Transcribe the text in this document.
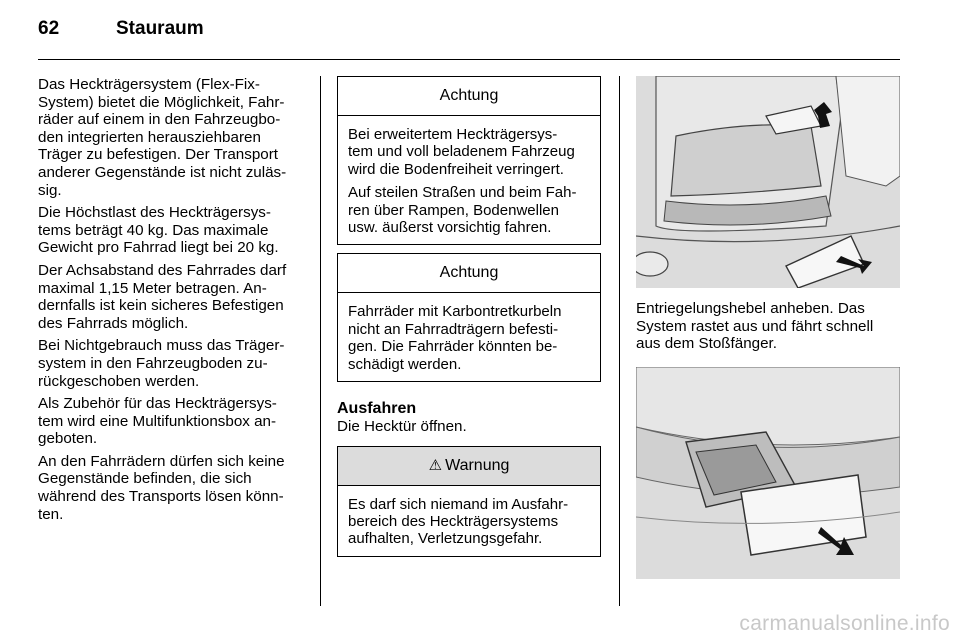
62	Stauraum

Das Heckträgersystem (Flex-Fix-
System) bietet die Möglichkeit, Fahr-
räder auf einem in den Fahrzeugbo-
den integrierten herausziehbaren
Träger zu befestigen. Der Transport
anderer Gegenstände ist nicht zuläs-
sig.

Die Höchstlast des Heckträgersys-
tems beträgt 40 kg. Das maximale
Gewicht pro Fahrrad liegt bei 20 kg.

Der Achsabstand des Fahrrades darf
maximal 1,15 Meter betragen. An-
dernfalls ist kein sicheres Befestigen
des Fahrrads möglich.

Bei Nichtgebrauch muss das Träger-
system in den Fahrzeugboden zu-
rückgeschoben werden.

Als Zubehör für das Heckträgersys-
tem wird eine Multifunktionsbox an-
geboten.

An den Fahrrädern dürfen sich keine
Gegenstände befinden, die sich
während des Transports lösen könn-
ten.

Achtung

Bei erweitertem Heckträgersys-
tem und voll beladenem Fahrzeug
wird die Bodenfreiheit verringert.

Auf steilen Straßen und beim Fah-
ren über Rampen, Bodenwellen
usw. äußerst vorsichtig fahren.

Achtung

Fahrräder mit Karbontretkurbeln
nicht an Fahrradträgern befesti-
gen. Die Fahrräder könnten be-
schädigt werden.

Ausfahren

Die Hecktür öffnen.

⚠ Warnung

Es darf sich niemand im Ausfahr-
bereich des Heckträgersystems
aufhalten, Verletzungsgefahr.

Entriegelungshebel anheben. Das
System rastet aus und fährt schnell
aus dem Stoßfänger.

carmanualsonline.info
